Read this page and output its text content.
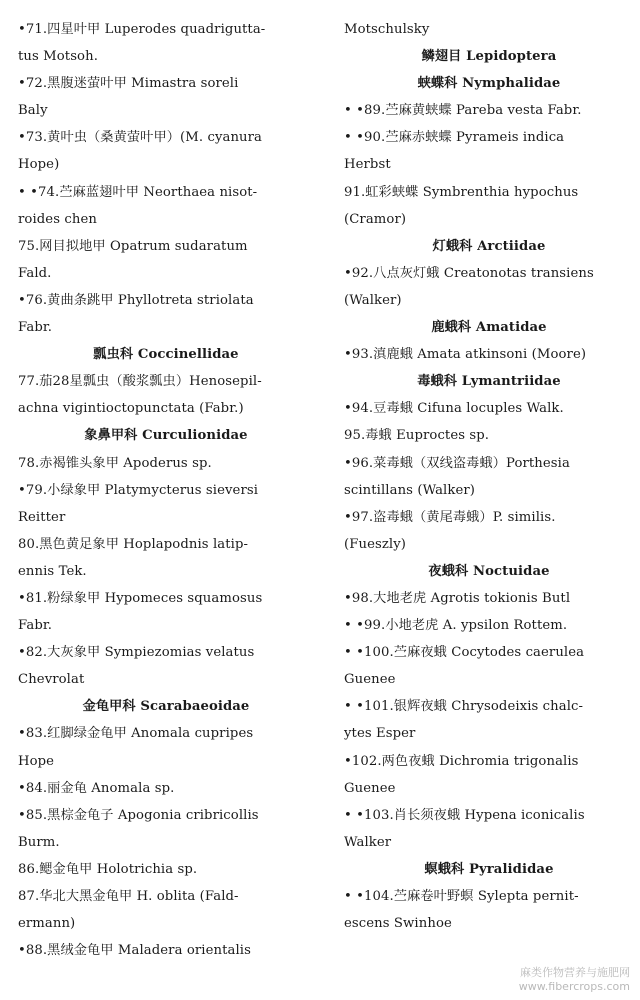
•71.四星叶甲 Luperodes quadrigutta-
tus Motsoh.
•72.黑腹迷萤叶甲 Mimastra soreli
Baly
•73.黄叶虫（桑黄萤叶甲）(M. cyanura
Hope)
• •74.苎麻蓝翅叶甲 Neorthaea nisot-
roides chen
75.网目拟地甲 Opatrum sudaratum
Fald.
•76.黄曲条跳甲 Phyllotreta striolata
Fabr.
瓢虫科 Coccinellidae
77.茄28星瓢虫（酸浆瓢虫）Henosepil-
achna vigintioctopunctata (Fabr.)
象鼻甲科 Curculionidae
78.赤褐锥头象甲 Apoderus sp.
•79.小绿象甲 Platymycterus sieversi
Reitter
80.黑色黄足象甲 Hoplapodnis latip-
ennis Tek.
•81.粉绿象甲 Hypomeces squamosus
Fabr.
•82.大灰象甲 Sympiezomias velatus
Chevrolat
金龟甲科 Scarabaeoidae
•83.红脚绿金龟甲 Anomala cupripes
Hope
•84.丽金龟 Anomala sp.
•85.黑棕金龟子 Apogonia cribricollis
Burm.
86.鳃金龟甲 Holotrichia sp.
87.华北大黑金龟甲 H. oblita (Fald-
ermann)
•88.黑绒金龟甲 Maladera orientalis
Motschulsky
鳞翅目 Lepidoptera
蛱蝶科 Nymphalidae
• •89.苎麻黄蛱蝶 Pareba vesta Fabr.
• •90.苎麻赤蛱蝶 Pyrameis indica
Herbst
91.虹彩蛱蝶 Symbrenthia hypochus
(Cramor)
灯蛾科 Arctiidae
•92.八点灰灯蛾 Creatonotas transiens
(Walker)
鹿蛾科 Amatidae
•93.滇鹿蛾 Amata atkinsoni (Moore)
毒蛾科 Lymantriidae
•94.豆毒蛾 Cifuna locuples Walk.
95.毒蛾 Euproctes sp.
•96.菜毒蛾（双线盗毒蛾）Porthesia
scintillans (Walker)
•97.盗毒蛾（黄尾毒蛾）P. similis.
(Fueszly)
夜蛾科 Noctuidae
•98.大地老虎 Agrotis tokionis Butl
• •99.小地老虎 A. ypsilon Rottem.
• •100.苎麻夜蛾 Cocytodes caerulea
Guenee
• •101.银辉夜蛾 Chrysodeixis chalc-
ytes Esper
•102.两色夜蛾 Dichromia trigonalis
Guenee
• •103.肖长须夜蛾 Hypena iconicalis
Walker
螟蛾科 Pyralididae
• •104.苎麻卷叶野螟 Sylepta pernit-
escens Swinhoe
麻类作物营养与施肥网
www.fibercrops.com
